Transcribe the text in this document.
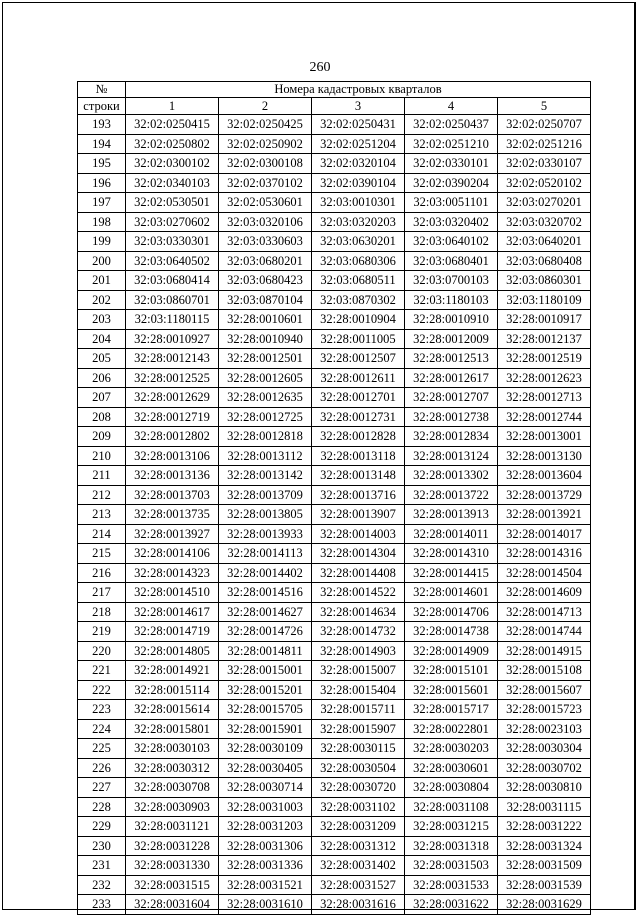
260
№	Номера кадастровых кварталов				
строки	1	2	3	4	5
193	32:02:0250415	32:02:0250425	32:02:0250431	32:02:0250437	32:02:0250707
194	32:02:0250802	32:02:0250902	32:02:0251204	32:02:0251210	32:02:0251216
195	32:02:0300102	32:02:0300108	32:02:0320104	32:02:0330101	32:02:0330107
196	32:02:0340103	32:02:0370102	32:02:0390104	32:02:0390204	32:02:0520102
197	32:02:0530501	32:02:0530601	32:03:0010301	32:03:0051101	32:03:0270201
198	32:03:0270602	32:03:0320106	32:03:0320203	32:03:0320402	32:03:0320702
199	32:03:0330301	32:03:0330603	32:03:0630201	32:03:0640102	32:03:0640201
200	32:03:0640502	32:03:0680201	32:03:0680306	32:03:0680401	32:03:0680408
201	32:03:0680414	32:03:0680423	32:03:0680511	32:03:0700103	32:03:0860301
202	32:03:0860701	32:03:0870104	32:03:0870302	32:03:1180103	32:03:1180109
203	32:03:1180115	32:28:0010601	32:28:0010904	32:28:0010910	32:28:0010917
204	32:28:0010927	32:28:0010940	32:28:0011005	32:28:0012009	32:28:0012137
205	32:28:0012143	32:28:0012501	32:28:0012507	32:28:0012513	32:28:0012519
206	32:28:0012525	32:28:0012605	32:28:0012611	32:28:0012617	32:28:0012623
207	32:28:0012629	32:28:0012635	32:28:0012701	32:28:0012707	32:28:0012713
208	32:28:0012719	32:28:0012725	32:28:0012731	32:28:0012738	32:28:0012744
209	32:28:0012802	32:28:0012818	32:28:0012828	32:28:0012834	32:28:0013001
210	32:28:0013106	32:28:0013112	32:28:0013118	32:28:0013124	32:28:0013130
211	32:28:0013136	32:28:0013142	32:28:0013148	32:28:0013302	32:28:0013604
212	32:28:0013703	32:28:0013709	32:28:0013716	32:28:0013722	32:28:0013729
213	32:28:0013735	32:28:0013805	32:28:0013907	32:28:0013913	32:28:0013921
214	32:28:0013927	32:28:0013933	32:28:0014003	32:28:0014011	32:28:0014017
215	32:28:0014106	32:28:0014113	32:28:0014304	32:28:0014310	32:28:0014316
216	32:28:0014323	32:28:0014402	32:28:0014408	32:28:0014415	32:28:0014504
217	32:28:0014510	32:28:0014516	32:28:0014522	32:28:0014601	32:28:0014609
218	32:28:0014617	32:28:0014627	32:28:0014634	32:28:0014706	32:28:0014713
219	32:28:0014719	32:28:0014726	32:28:0014732	32:28:0014738	32:28:0014744
220	32:28:0014805	32:28:0014811	32:28:0014903	32:28:0014909	32:28:0014915
221	32:28:0014921	32:28:0015001	32:28:0015007	32:28:0015101	32:28:0015108
222	32:28:0015114	32:28:0015201	32:28:0015404	32:28:0015601	32:28:0015607
223	32:28:0015614	32:28:0015705	32:28:0015711	32:28:0015717	32:28:0015723
224	32:28:0015801	32:28:0015901	32:28:0015907	32:28:0022801	32:28:0023103
225	32:28:0030103	32:28:0030109	32:28:0030115	32:28:0030203	32:28:0030304
226	32:28:0030312	32:28:0030405	32:28:0030504	32:28:0030601	32:28:0030702
227	32:28:0030708	32:28:0030714	32:28:0030720	32:28:0030804	32:28:0030810
228	32:28:0030903	32:28:0031003	32:28:0031102	32:28:0031108	32:28:0031115
229	32:28:0031121	32:28:0031203	32:28:0031209	32:28:0031215	32:28:0031222
230	32:28:0031228	32:28:0031306	32:28:0031312	32:28:0031318	32:28:0031324
231	32:28:0031330	32:28:0031336	32:28:0031402	32:28:0031503	32:28:0031509
232	32:28:0031515	32:28:0031521	32:28:0031527	32:28:0031533	32:28:0031539
233	32:28:0031604	32:28:0031610	32:28:0031616	32:28:0031622	32:28:0031629
